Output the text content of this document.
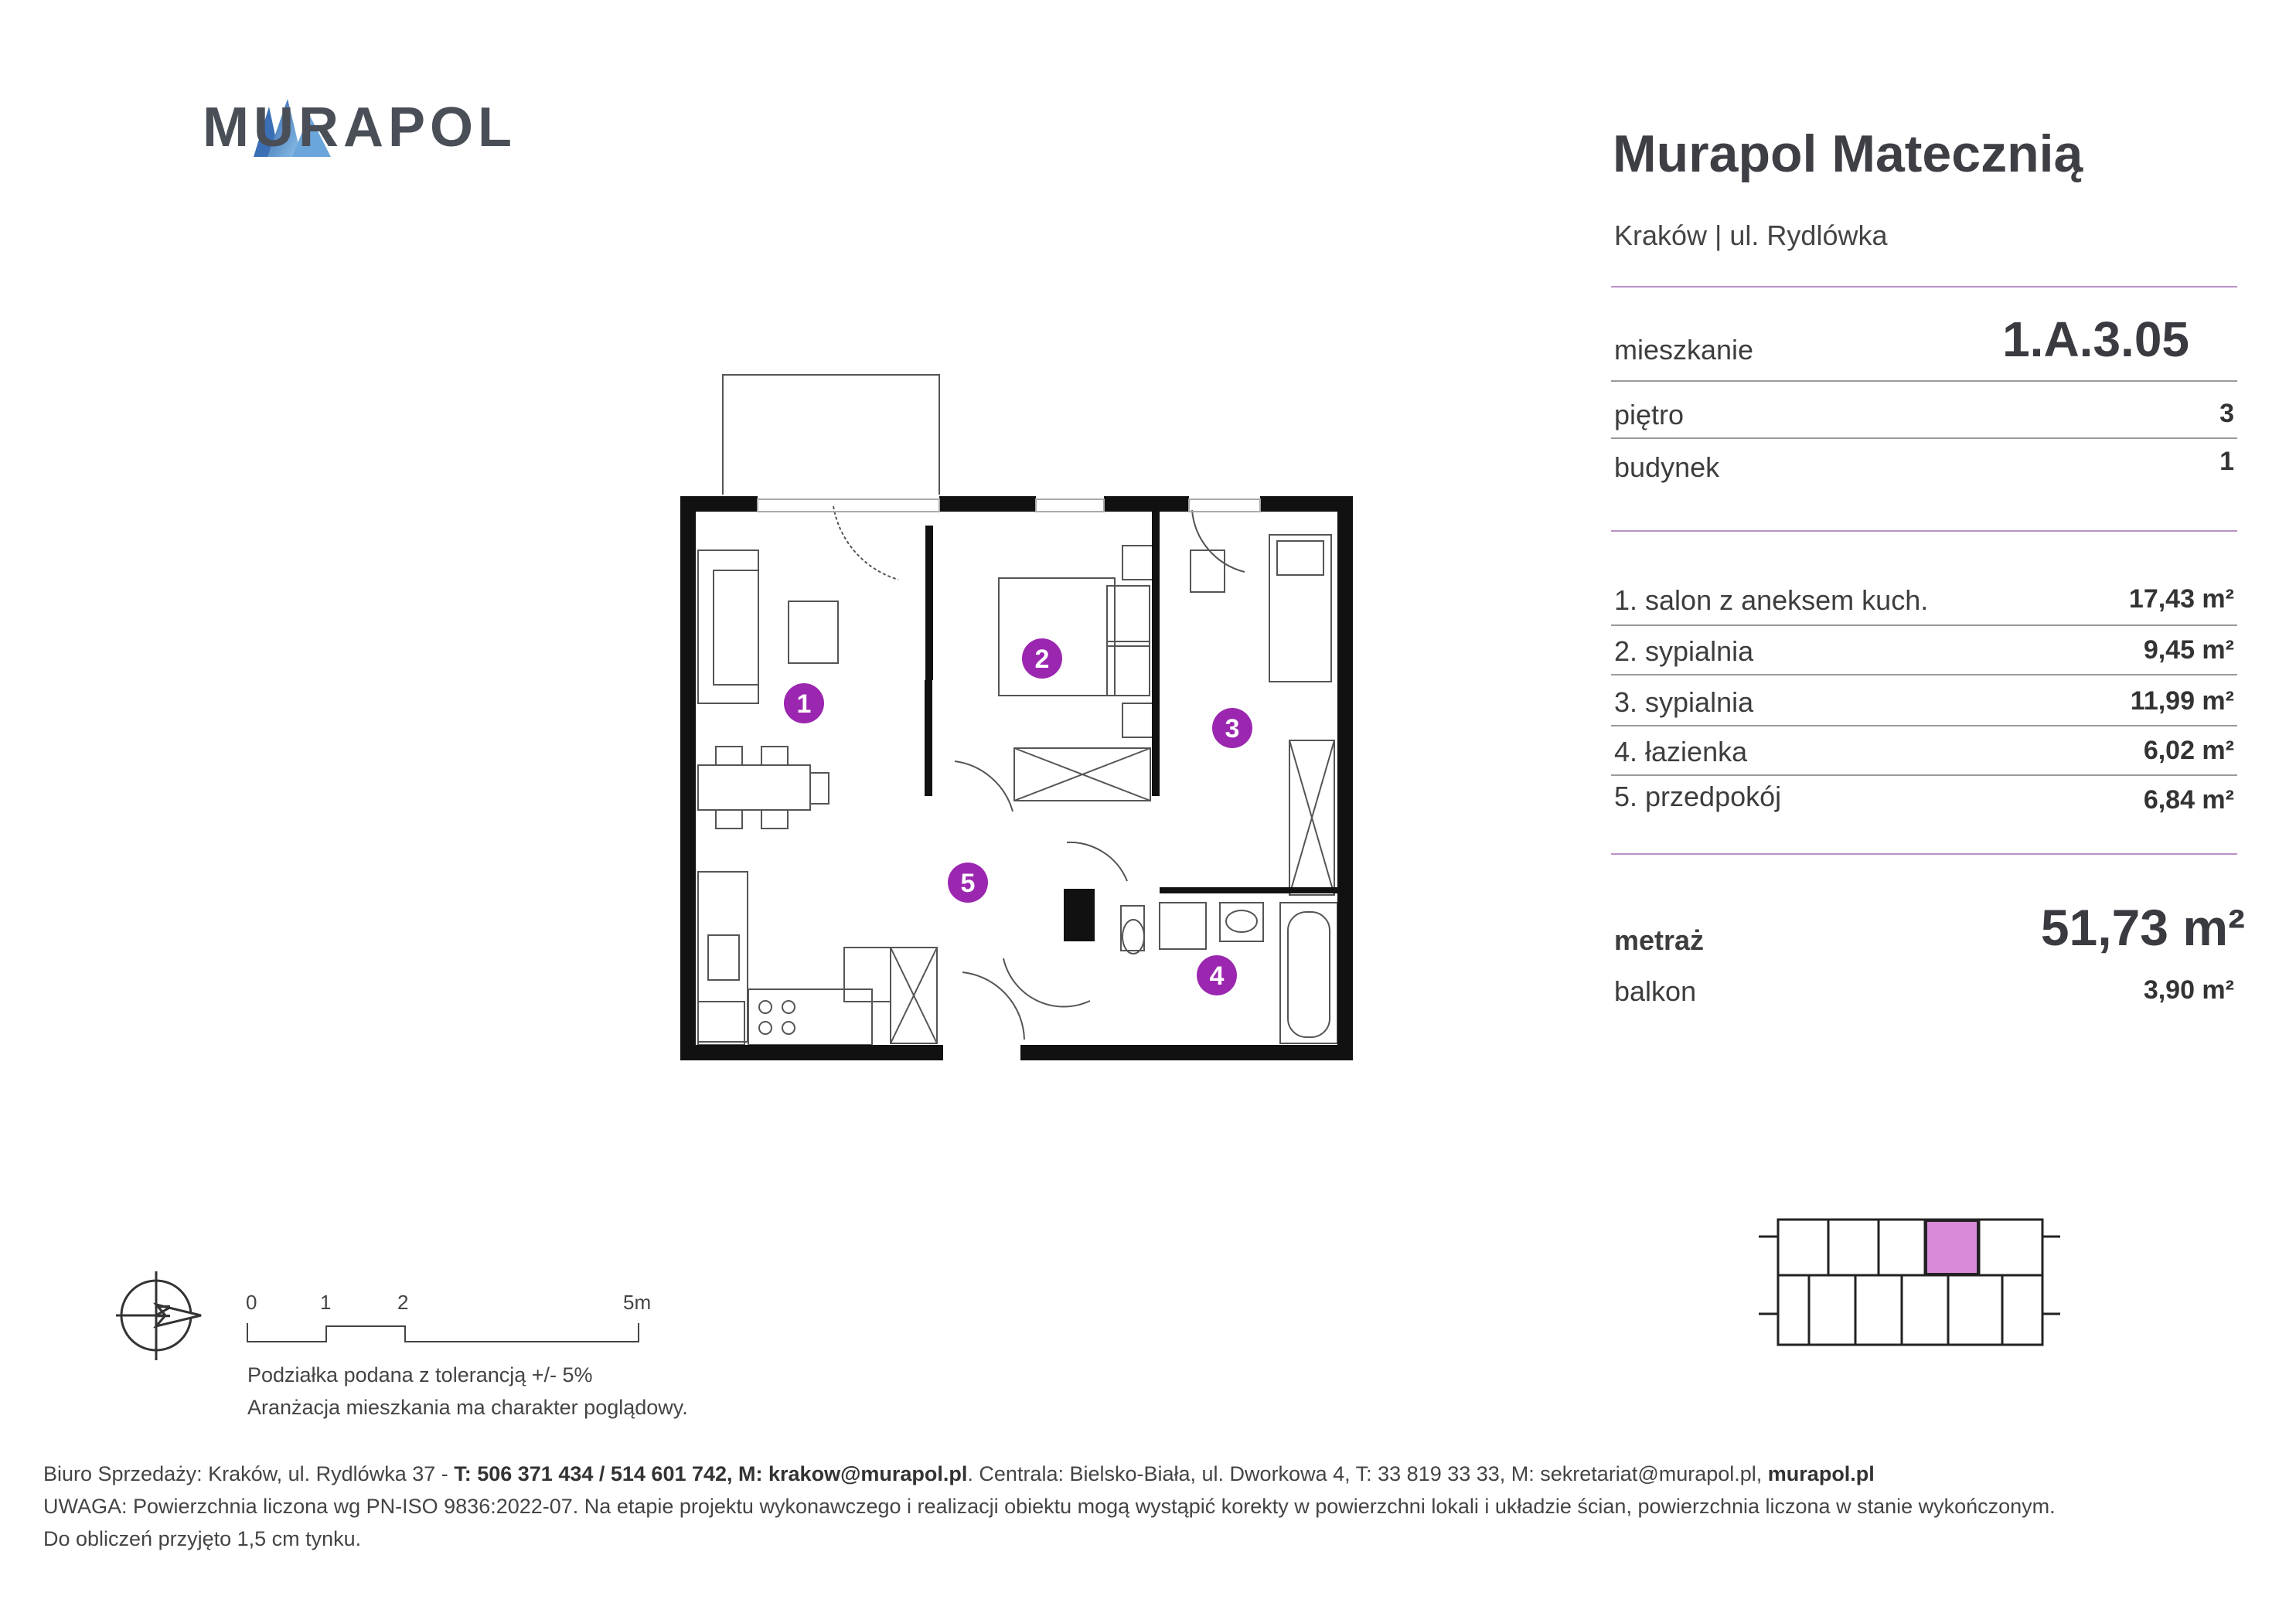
MURAPOL	Murapol Matecznią
Kraków | ul. Rydlówka
mieszkanie	1.A.3.05
piętro	3
budynek	1
1. salon z aneksem kuch.	17,43 m²
2. sypialnia	9,45 m²
3. sypialnia	11,99 m²
4. łazienka	6,02 m²
5. przedpokój	6,84 m²
metraż	51,73 m²
balkon	3,90 m²
1
2
3
4
5
N	0	1	2	5m
Podziałka podana z tolerancją +/- 5%
Aranżacja mieszkania ma charakter poglądowy.
Biuro Sprzedaży: Kraków, ul. Rydlówka 37 - T: 506 371 434 / 514 601 742, M: krakow@murapol.pl. Centrala: Bielsko-Biała, ul. Dworkowa 4, T: 33 819 33 33, M: sekretariat@murapol.pl, murapol.pl
UWAGA: Powierzchnia liczona wg PN-ISO 9836:2022-07. Na etapie projektu wykonawczego i realizacji obiektu mogą wystąpić korekty w powierzchni lokali i układzie ścian, powierzchnia liczona w stanie wykończonym.
Do obliczeń przyjęto 1,5 cm tynku.
